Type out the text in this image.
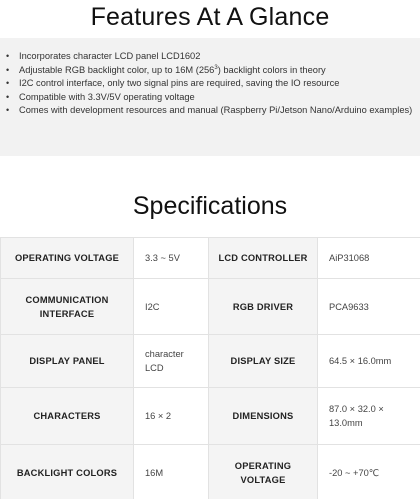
Features At A Glance
• Incorporates character LCD panel LCD1602
• Adjustable RGB backlight color, up to 16M $(256^3)$ backlight colors in theory
• I2C control interface, only two signal pins are required, saving the IO resource
• Compatible with 3.3V/5V operating voltage
• Comes with development resources and manual (Raspberry Pi/Jetson Nano/Arduino examples)
Specifications
OPERATING VOLTAGE	3.3 ~ 5V	LCD CONTROLLER	AiP31068
COMMUNICATION INTERFACE	I2C	RGB DRIVER	PCA9633
DISPLAY PANEL	character LCD	DISPLAY SIZE	64.5 × 16.0mm
CHARACTERS	16 × 2	DIMENSIONS	87.0 × 32.0 × 13.0mm
BACKLIGHT COLORS	16M	OPERATING VOLTAGE	-20 ~ +70℃
